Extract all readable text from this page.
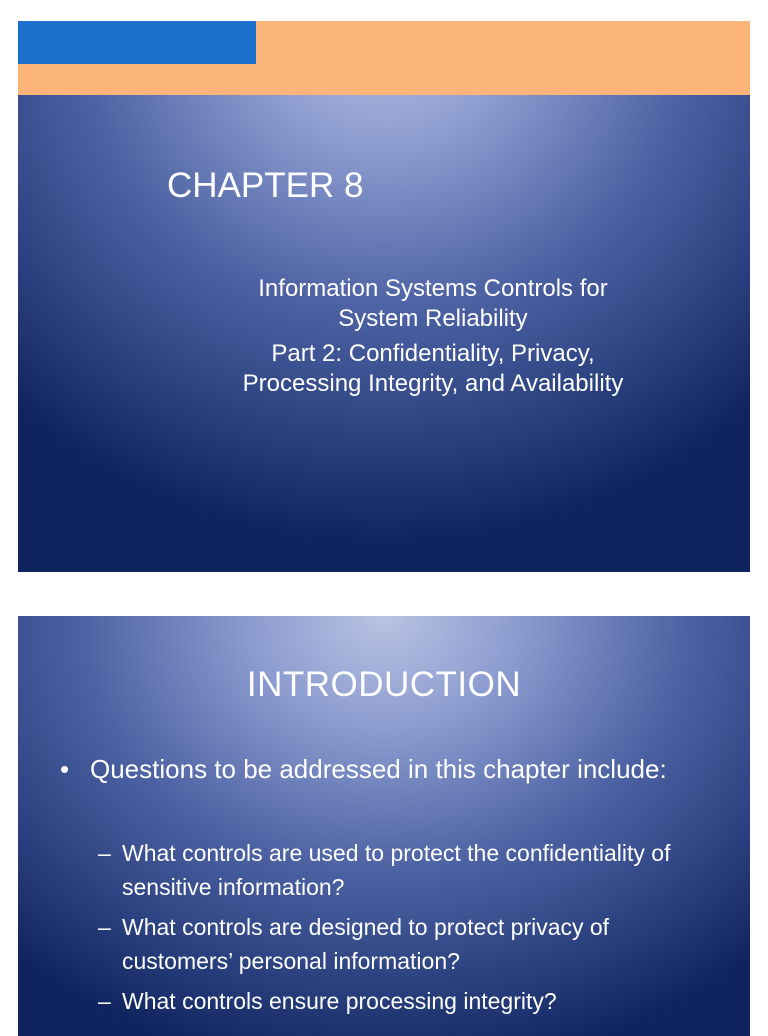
CHAPTER 8
Information Systems Controls for
System Reliability
Part 2: Confidentiality, Privacy,
Processing Integrity, and Availability
INTRODUCTION
• Questions to be addressed in this chapter include:
– What controls are used to protect the confidentiality of sensitive information?
– What controls are designed to protect privacy of customers’ personal information?
– What controls ensure processing integrity?
